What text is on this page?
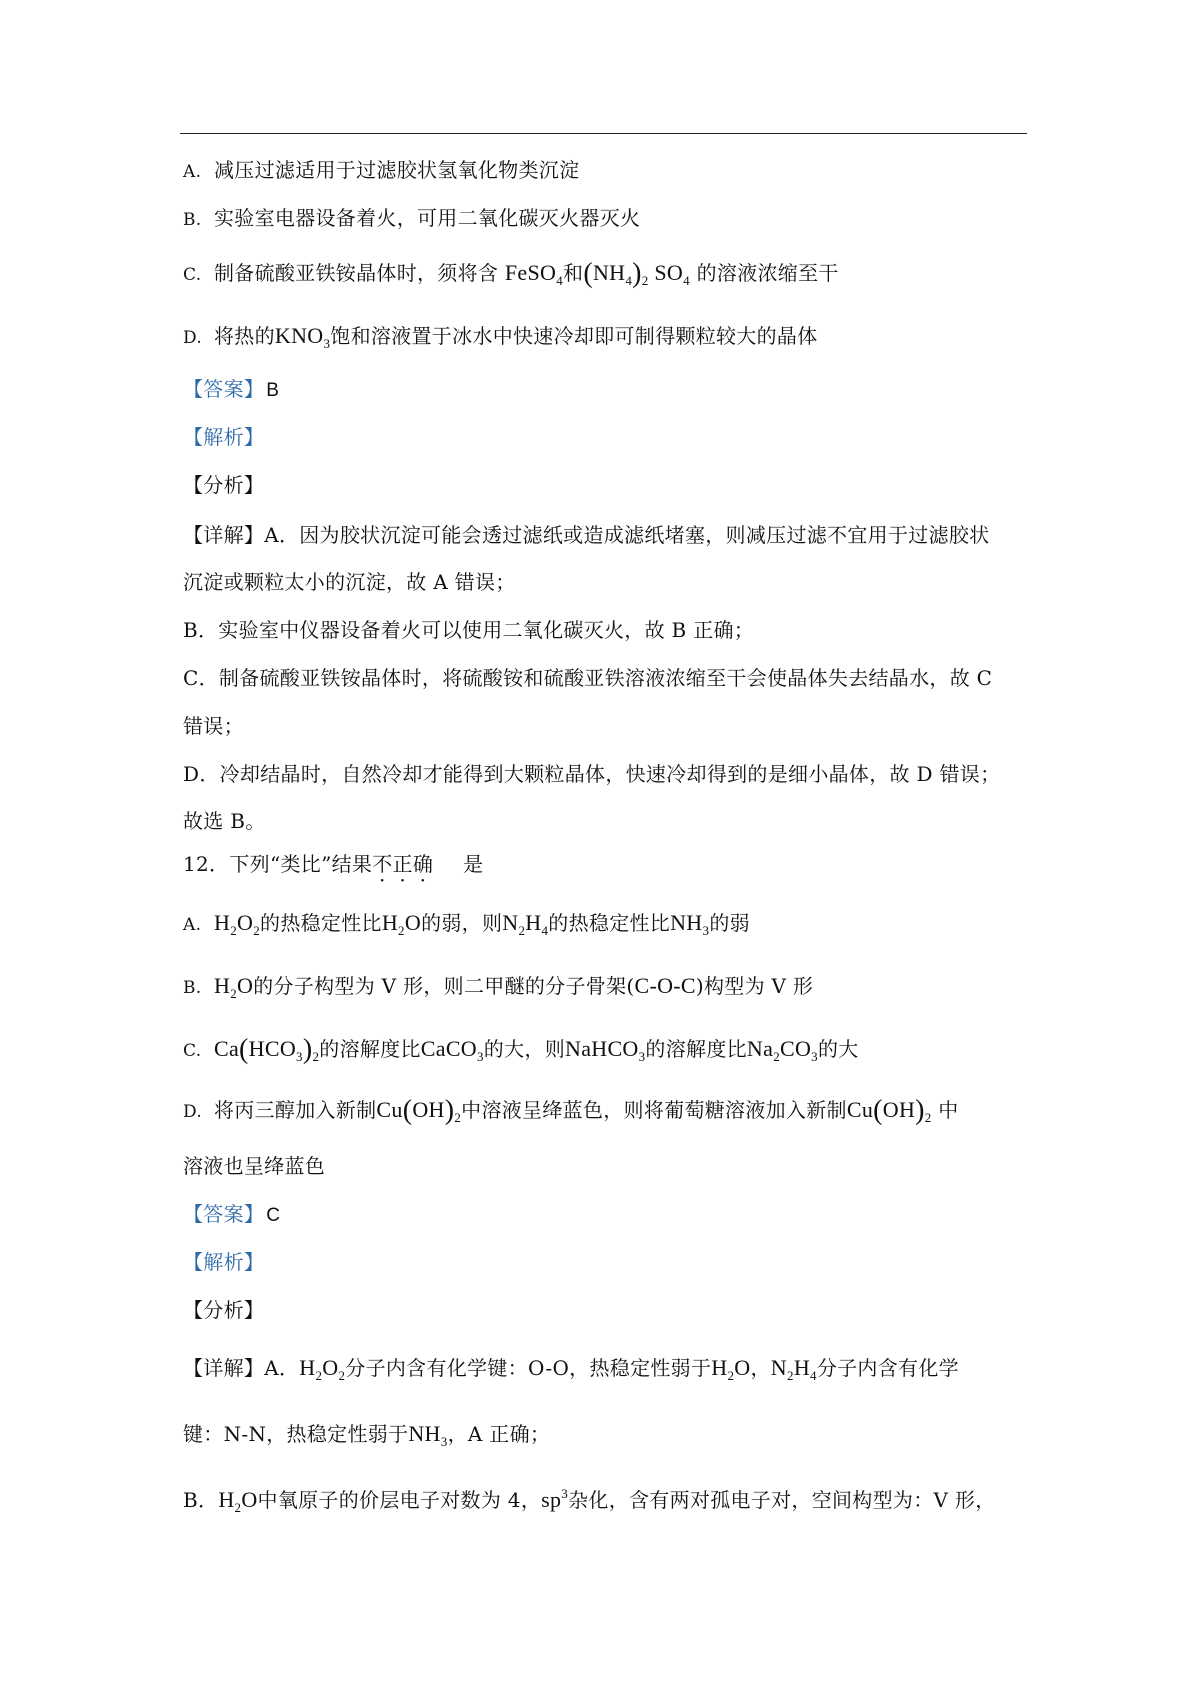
A. 减压过滤适用于过滤胶状氢氧化物类沉淀
B. 实验室电器设备着火，可用二氧化碳灭火器灭火
C. 制备硫酸亚铁铵晶体时，须将含 FeSO$_4$和$(NH_4)_2$ $SO_4$ 的溶液浓缩至干
D. 将热的$KNO_3$饱和溶液置于冰水中快速冷却即可制得颗粒较大的晶体
【答案】 B
【解析】
【分析】
【详解】A．因为胶状沉淀可能会透过滤纸或造成滤纸堵塞，则减压过滤不宜用于过滤胶状
沉淀或颗粒太小的沉淀，故 A 错误；
B．实验室中仪器设备着火可以使用二氧化碳灭火，故 B 正确；
C．制备硫酸亚铁铵晶体时，将硫酸铵和硫酸亚铁溶液浓缩至干会使晶体失去结晶水，故 C
错误；
D．冷却结晶时，自然冷却才能得到大颗粒晶体，快速冷却得到的是细小晶体，故 D 错误；
故选 B。
12．下列“类比”结果不正确 是
A. $H_2O_2$的热稳定性比$H_2O$的弱，则$N_2H_4$的热稳定性比$NH_3$的弱
B. $H_2O$的分子构型为 V 形，则二甲醚的分子骨架(C-O-C)构型为 V 形
C. $Ca(HCO_3)_2$的溶解度比CaCO$_3$的大，则NaHCO$_3$的溶解度比$Na_2CO_3$的大
D. 将丙三醇加入新制$Cu(OH)_2$中溶液呈绛蓝色，则将葡萄糖溶液加入新制$Cu(OH)_2$ 中
溶液也呈绛蓝色
【答案】 C
【解析】
【分析】
【详解】A．$H_2O_2$分子内含有化学键：O-O，热稳定性弱于$H_2O$，$N_2H_4$分子内含有化学
键：N-N，热稳定性弱于$NH_3$，A 正确；
B．$H_2O$中氧原子的价层电子对数为 4，$sp^3$杂化，含有两对孤电子对，空间构型为：V 形，
